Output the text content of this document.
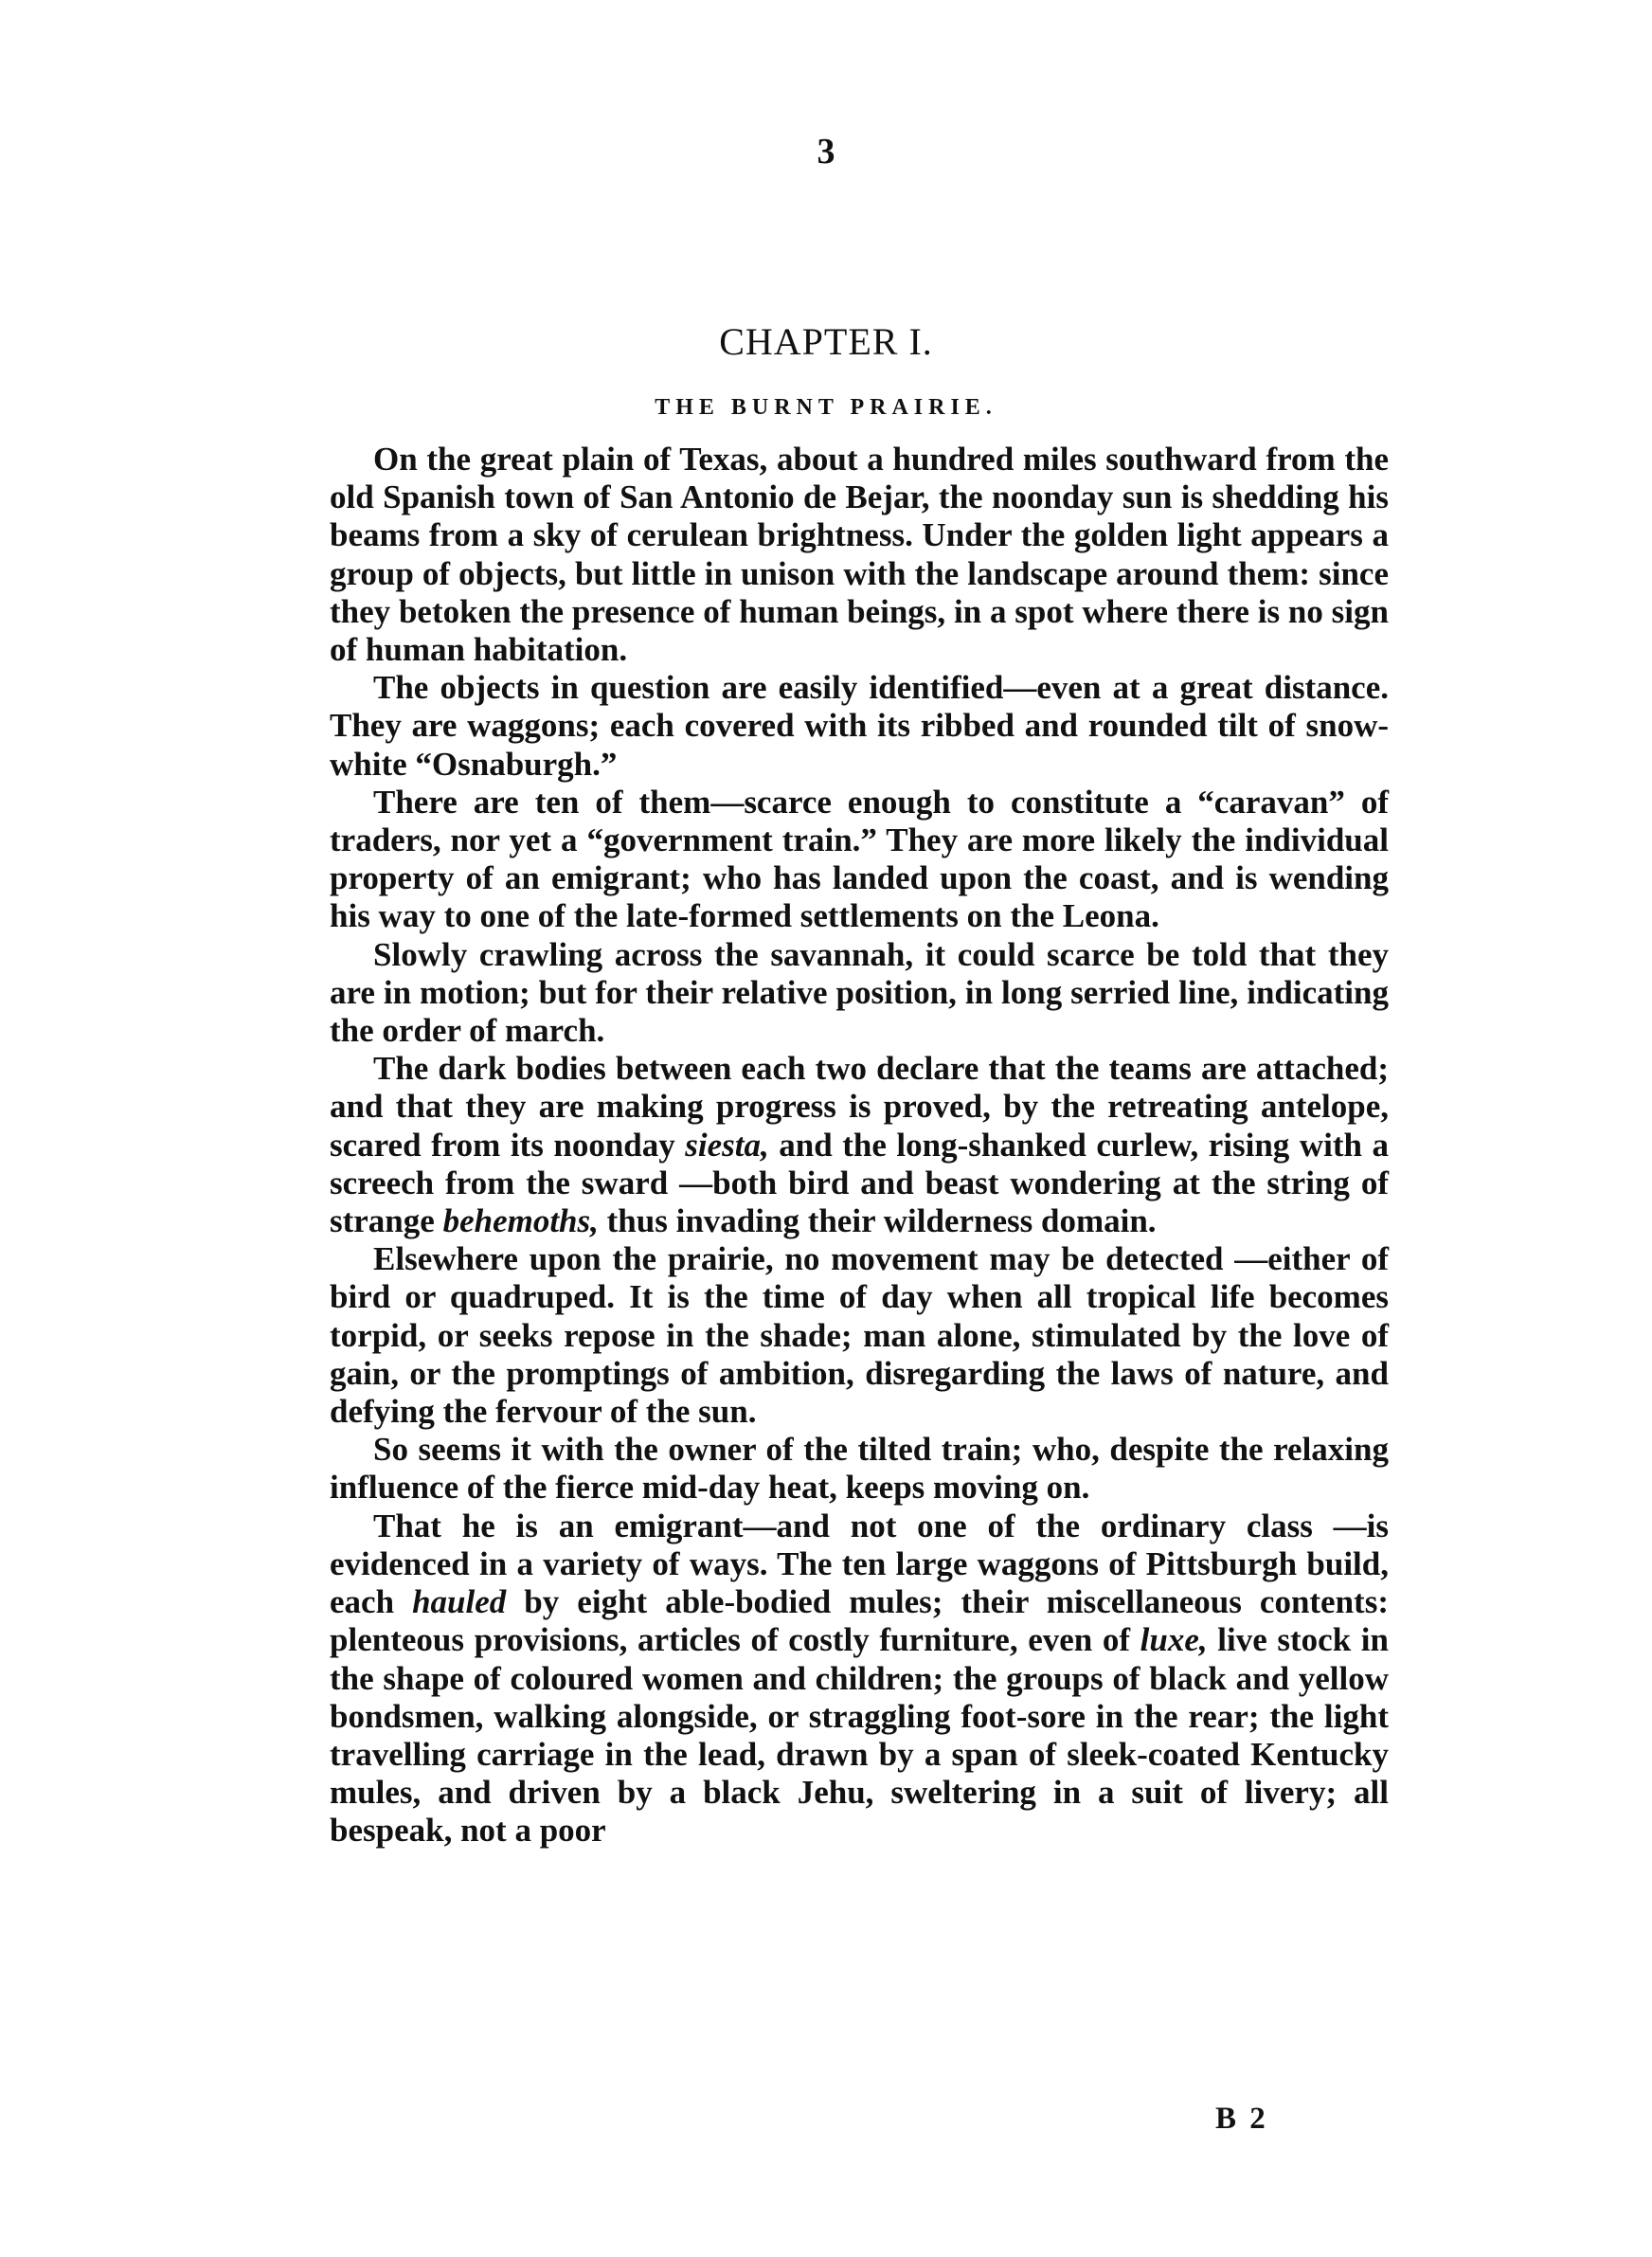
3
CHAPTER I.
THE BURNT PRAIRIE.

On the great plain of Texas, about a hundred miles southward from the old Spanish town of San Antonio de Bejar, the noonday sun is shedding his beams from a sky of cerulean brightness. Under the golden light appears a group of objects, but little in unison with the landscape around them: since they betoken the presence of human beings, in a spot where there is no sign of human habitation.

The objects in question are easily identified—even at a great distance. They are waggons; each covered with its ribbed and rounded tilt of snow-white “Osnaburgh.”

There are ten of them—scarce enough to constitute a “caravan” of traders, nor yet a “government train.” They are more likely the individual property of an emigrant; who has landed upon the coast, and is wending his way to one of the late-formed settlements on the Leona.

Slowly crawling across the savannah, it could scarce be told that they are in motion; but for their relative position, in long serried line, indicating the order of march.

The dark bodies between each two declare that the teams are attached; and that they are making progress is proved, by the retreating antelope, scared from its noonday siesta, and the long-shanked curlew, rising with a screech from the sward —both bird and beast wondering at the string of strange behemoths, thus invading their wilderness domain.

Elsewhere upon the prairie, no movement may be detected —either of bird or quadruped. It is the time of day when all tropical life becomes torpid, or seeks repose in the shade; man alone, stimulated by the love of gain, or the promptings of ambition, disregarding the laws of nature, and defying the fervour of the sun.

So seems it with the owner of the tilted train; who, despite the relaxing influence of the fierce mid-day heat, keeps moving on.

That he is an emigrant—and not one of the ordinary class —is evidenced in a variety of ways. The ten large waggons of Pittsburgh build, each hauled by eight able-bodied mules; their miscellaneous contents: plenteous provisions, articles of costly furniture, even of luxe, live stock in the shape of coloured women and children; the groups of black and yellow bondsmen, walking alongside, or straggling foot-sore in the rear; the light travelling carriage in the lead, drawn by a span of sleek-coated Kentucky mules, and driven by a black Jehu, sweltering in a suit of livery; all bespeak, not a poor

B 2
